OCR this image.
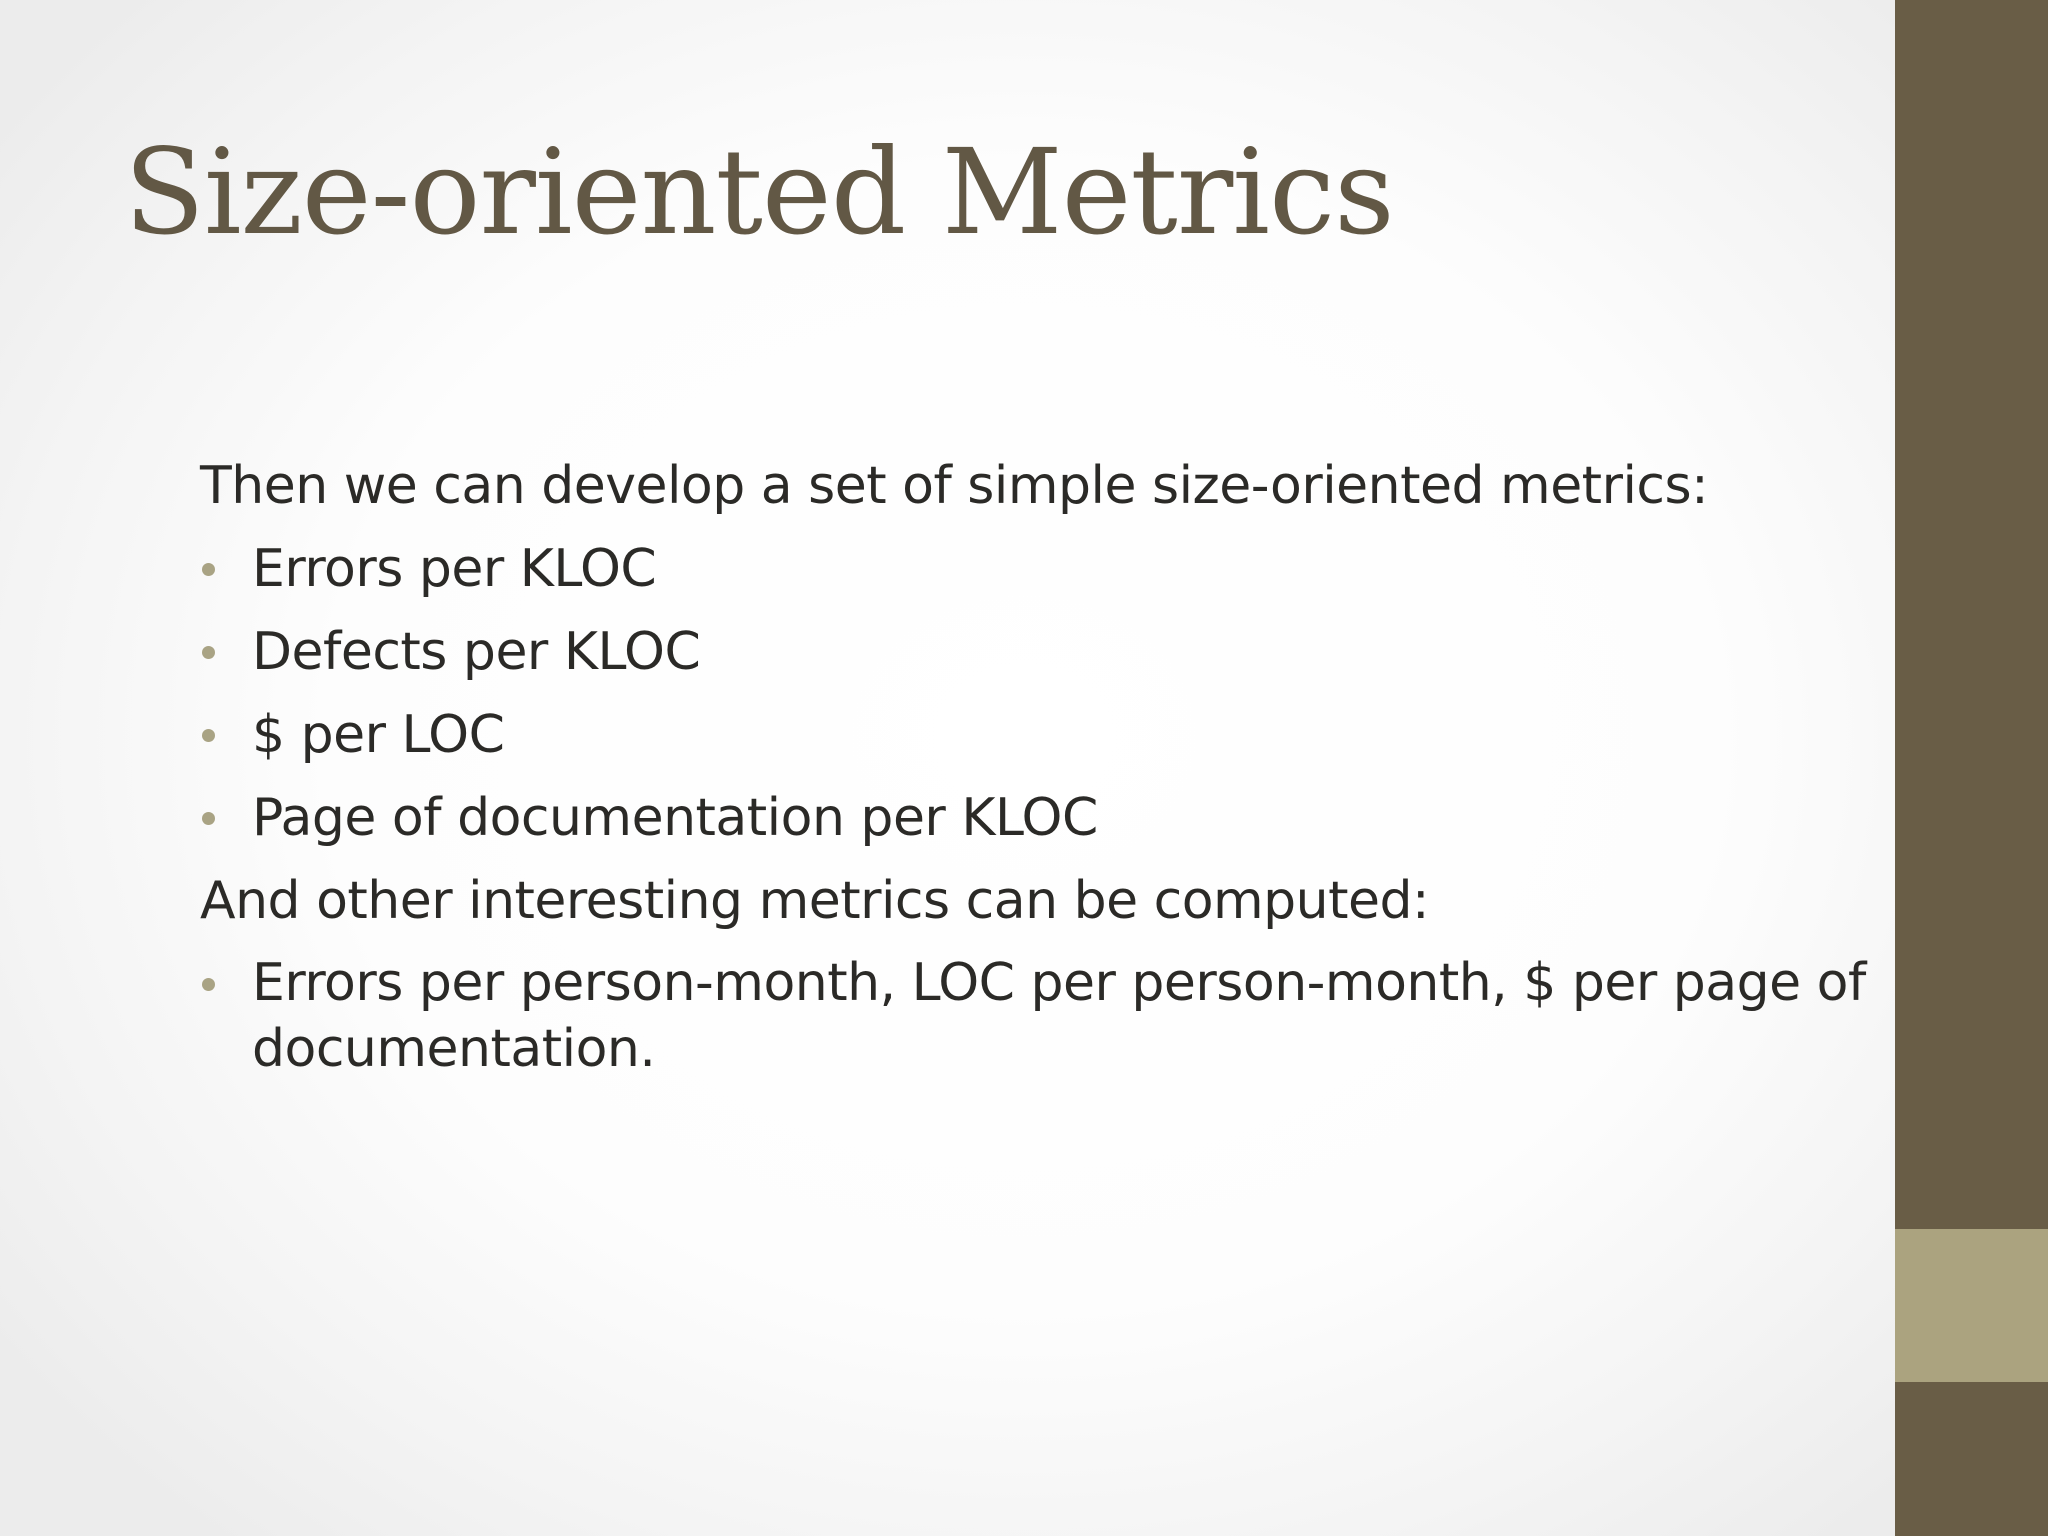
Size-oriented Metrics

Then we can develop a set of simple size-oriented metrics:

Errors per KLOC
Defects per KLOC
$ per LOC
Page of documentation per KLOC

And other interesting metrics can be computed:

Errors per person-month, LOC per person-month, $ per page of documentation.
